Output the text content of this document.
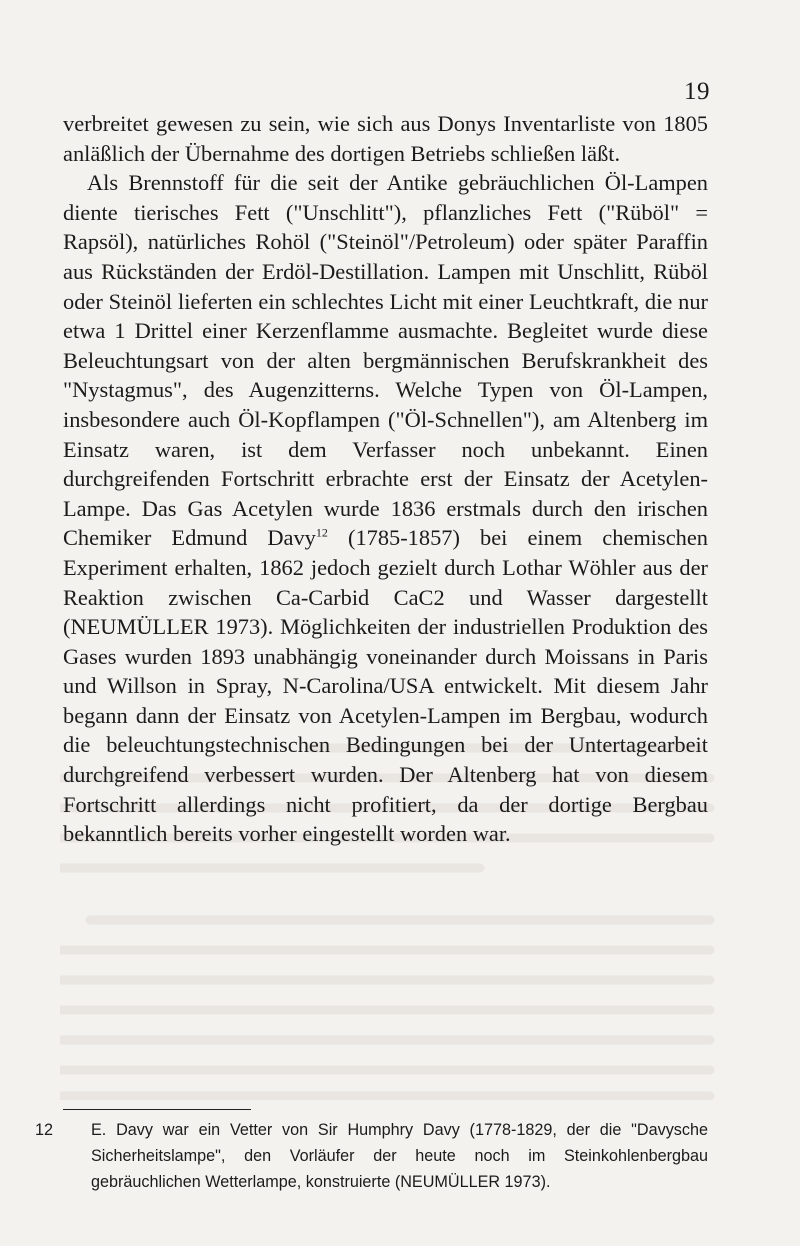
19

verbreitet gewesen zu sein, wie sich aus Donys Inventarliste von 1805 anläßlich der Übernahme des dortigen Betriebs schließen läßt.

Als Brennstoff für die seit der Antike gebräuchlichen Öl-Lampen diente tierisches Fett ("Unschlitt"), pflanzliches Fett ("Rüböl" = Rapsöl), natürliches Rohöl ("Steinöl"/Petroleum) oder später Paraffin aus Rückständen der Erdöl-Destillation. Lampen mit Unschlitt, Rüböl oder Steinöl lieferten ein schlechtes Licht mit einer Leuchtkraft, die nur etwa 1 Drittel einer Kerzenflamme ausmachte. Begleitet wurde diese Beleuchtungsart von der alten bergmännischen Berufskrankheit des "Nystagmus", des Augenzitterns. Welche Typen von Öl-Lampen, insbesondere auch Öl-Kopflampen ("Öl-Schnellen"), am Altenberg im Einsatz waren, ist dem Verfasser noch unbekannt. Einen durchgreifenden Fortschritt erbrachte erst der Einsatz der Acetylen-Lampe. Das Gas Acetylen wurde 1836 erstmals durch den irischen Chemiker Edmund Davy$^{12}$ (1785-1857) bei einem chemischen Experiment erhalten, 1862 jedoch gezielt durch Lothar Wöhler aus der Reaktion zwischen Ca-Carbid CaC2 und Wasser dargestellt (NEUMÜLLER 1973). Möglichkeiten der industriellen Produktion des Gases wurden 1893 unabhängig voneinander durch Moissans in Paris und Willson in Spray, N-Carolina/USA entwickelt. Mit diesem Jahr begann dann der Einsatz von Acetylen-Lampen im Bergbau, wodurch die beleuchtungstechnischen Bedingungen bei der Untertagearbeit durchgreifend verbessert wurden. Der Altenberg hat von diesem Fortschritt allerdings nicht profitiert, da der dortige Bergbau bekanntlich bereits vorher eingestellt worden war.

12 E. Davy war ein Vetter von Sir Humphry Davy (1778-1829, der die "Davysche Sicherheitslampe", den Vorläufer der heute noch im Steinkohlenbergbau gebräuchlichen Wetterlampe, konstruierte (NEUMÜLLER 1973).
